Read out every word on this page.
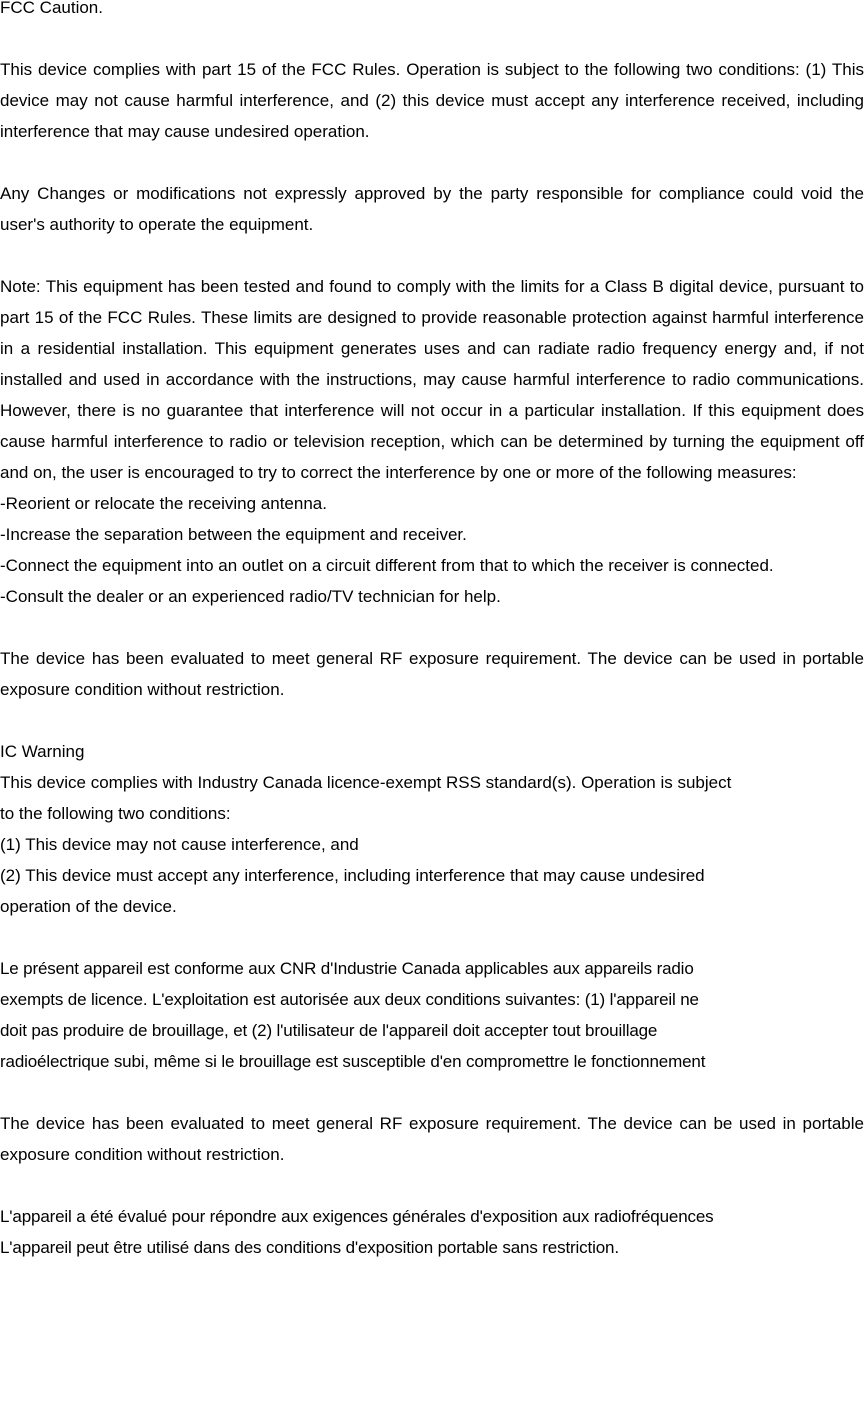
FCC Caution.

This device complies with part 15 of the FCC Rules. Operation is subject to the following two conditions: (1) This device may not cause harmful interference, and (2) this device must accept any interference received, including interference that may cause undesired operation.

Any Changes or modifications not expressly approved by the party responsible for compliance could void the user's authority to operate the equipment.

Note: This equipment has been tested and found to comply with the limits for a Class B digital device, pursuant to part 15 of the FCC Rules. These limits are designed to provide reasonable protection against harmful interference in a residential installation. This equipment generates uses and can radiate radio frequency energy and, if not installed and used in accordance with the instructions, may cause harmful interference to radio communications. However, there is no guarantee that interference will not occur in a particular installation. If this equipment does cause harmful interference to radio or television reception, which can be determined by turning the equipment off and on, the user is encouraged to try to correct the interference by one or more of the following measures:

-Reorient or relocate the receiving antenna.

-Increase the separation between the equipment and receiver.

-Connect the equipment into an outlet on a circuit different from that to which the receiver is connected.

-Consult the dealer or an experienced radio/TV technician for help.

The device has been evaluated to meet general RF exposure requirement. The device can be used in portable exposure condition without restriction.

IC Warning

This device complies with Industry Canada licence-exempt RSS standard(s). Operation is subject

to the following two conditions:

(1) This device may not cause interference, and

(2) This device must accept any interference, including interference that may cause undesired

operation of the device.

Le présent appareil est conforme aux CNR d'Industrie Canada applicables aux appareils radio

exempts de licence. L'exploitation est autorisée aux deux conditions suivantes: (1) l'appareil ne

doit pas produire de brouillage, et (2) l'utilisateur de l'appareil doit accepter tout brouillage

radioélectrique subi, même si le brouillage est susceptible d'en compromettre le fonctionnement

The device has been evaluated to meet general RF exposure requirement. The device can be used in portable exposure condition without restriction.

L'appareil a été évalué pour répondre aux exigences générales d'exposition aux radiofréquences

L'appareil peut être utilisé dans des conditions d'exposition portable sans restriction.
